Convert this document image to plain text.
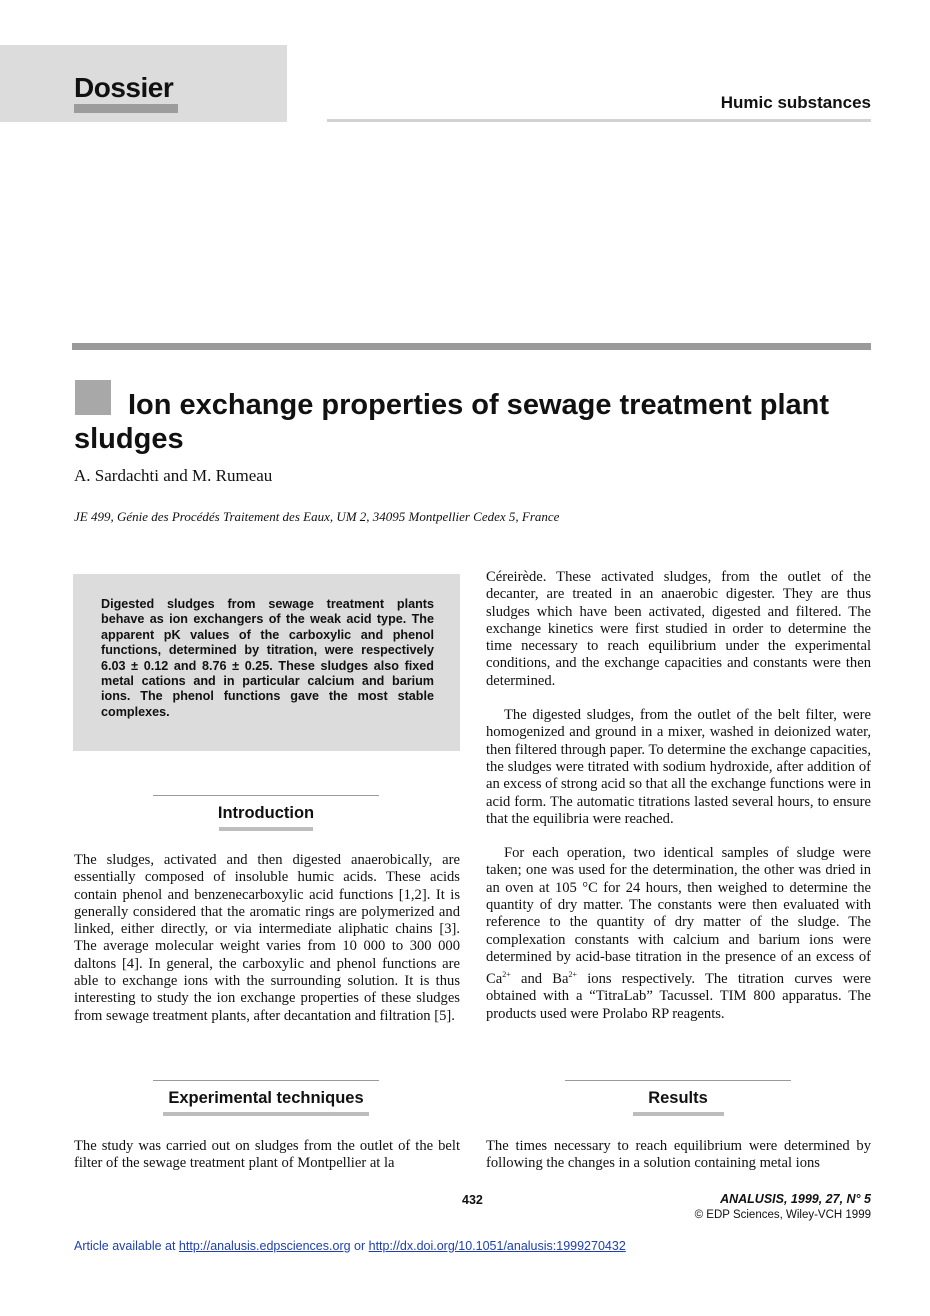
Dossier	Humic substances
Ion exchange properties of sewage treatment plant sludges
A. Sardachti and M. Rumeau
JE 499, Génie des Procédés Traitement des Eaux, UM 2, 34095 Montpellier Cedex 5, France
Digested sludges from sewage treatment plants behave as ion exchangers of the weak acid type. The apparent pK values of the carboxylic and phenol functions, determined by titration, were respectively 6.03 ± 0.12 and 8.76 ± 0.25. These sludges also fixed metal cations and in particular calcium and barium ions. The phenol functions gave the most stable complexes.
Introduction

The sludges, activated and then digested anaerobically, are essentially composed of insoluble humic acids. These acids contain phenol and benzenecarboxylic acid functions [1,2]. It is generally considered that the aromatic rings are polymerized and linked, either directly, or via intermediate aliphatic chains [3]. The average molecular weight varies from 10 000 to 300 000 daltons [4]. In general, the carboxylic and phenol functions are able to exchange ions with the surrounding solution. It is thus interesting to study the ion exchange properties of these sludges from sewage treatment plants, after decantation and filtration [5].

Experimental techniques

The study was carried out on sludges from the outlet of the belt filter of the sewage treatment plant of Montpellier at la

Céreirède. These activated sludges, from the outlet of the decanter, are treated in an anaerobic digester. They are thus sludges which have been activated, digested and filtered. The exchange kinetics were first studied in order to determine the time necessary to reach equilibrium under the experimental conditions, and the exchange capacities and constants were then determined.

The digested sludges, from the outlet of the belt filter, were homogenized and ground in a mixer, washed in deionized water, then filtered through paper. To determine the exchange capacities, the sludges were titrated with sodium hydroxide, after addition of an excess of strong acid so that all the exchange functions were in acid form. The automatic titrations lasted several hours, to ensure that the equilibria were reached.

For each operation, two identical samples of sludge were taken; one was used for the determination, the other was dried in an oven at 105 °C for 24 hours, then weighed to determine the quantity of dry matter. The constants were then evaluated with reference to the quantity of dry matter of the sludge. The complexation constants with calcium and barium ions were determined by acid-base titration in the presence of an excess of $Ca^{2+}$ and $Ba^{2+}$ ions respectively. The titration curves were obtained with a “TitraLab” Tacussel. TIM 800 apparatus. The products used were Prolabo RP reagents.

Results

The times necessary to reach equilibrium were determined by following the changes in a solution containing metal ions

432	ANALUSIS, 1999, 27, N° 5
© EDP Sciences, Wiley-VCH 1999
Article available at http://analusis.edpsciences.org or http://dx.doi.org/10.1051/analusis:1999270432
